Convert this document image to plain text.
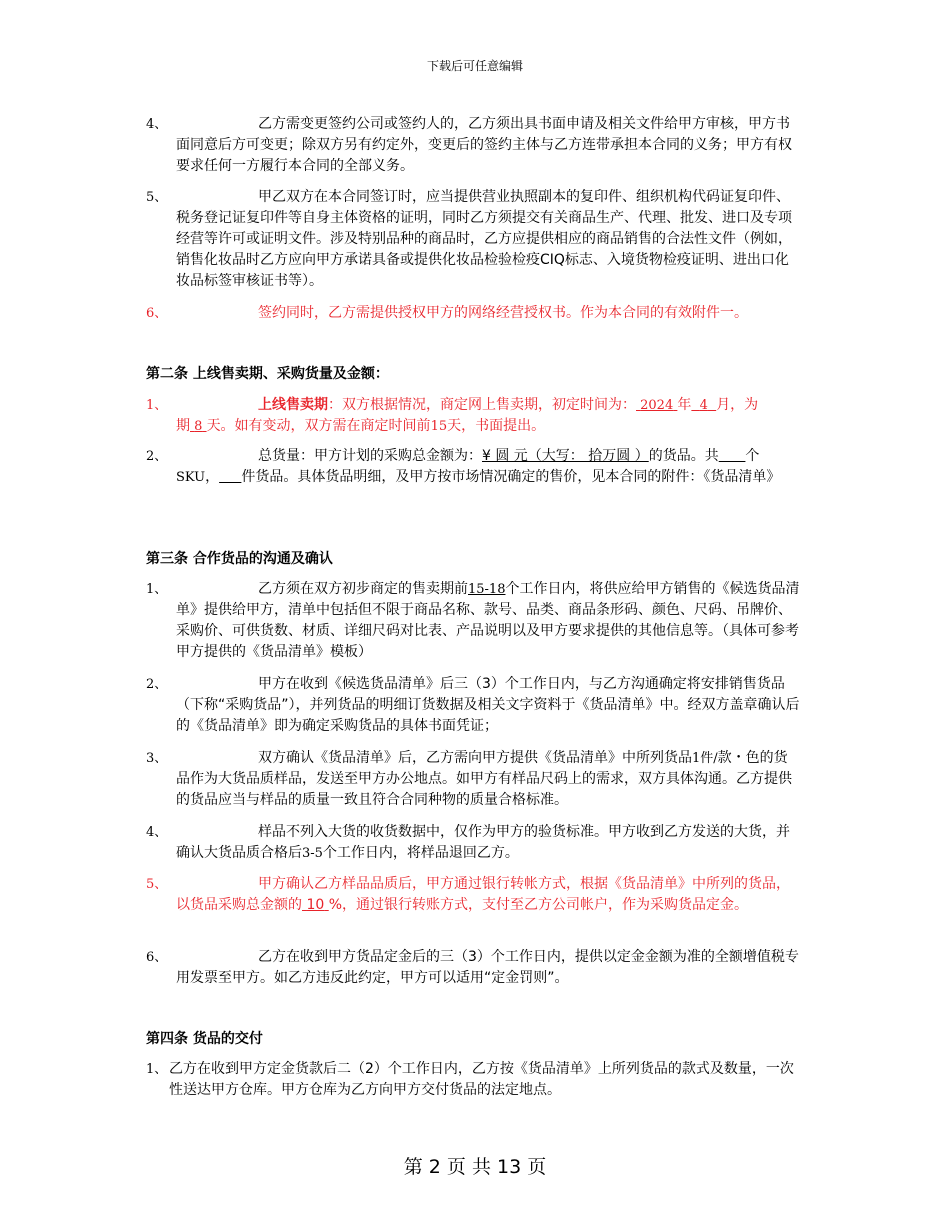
下载后可任意编辑
4、	乙方需变更签约公司或签约人的，乙方须出具书面申请及相关文件给甲方审核，甲方书面同意后方可变更；除双方另有约定外，变更后的签约主体与乙方连带承担本合同的义务；甲方有权要求任何一方履行本合同的全部义务。
5、	甲乙双方在本合同签订时，应当提供营业执照副本的复印件、组织机构代码证复印件、税务登记证复印件等自身主体资格的证明，同时乙方须提交有关商品生产、代理、批发、进口及专项经营等许可或证明文件。涉及特别品种的商品时，乙方应提供相应的商品销售的合法性文件（例如，销售化妆品时乙方应向甲方承诺具备或提供化妆品检验检疫CIQ标志、入境货物检疫证明、进出口化妆品标签审核证书等）。
6、	签约同时，乙方需提供授权甲方的网络经营授权书。作为本合同的有效附件一。
第二条 上线售卖期、采购货量及金额：
1、	上线售卖期：双方根据情况，商定网上售卖期，初定时间为： 2024 年 4 月，为期 8 天。如有变动，双方需在商定时间前15天，书面提出。
2、	总货量：甲方计划的采购总金额为：¥ 圆 元（大写： 拾万圆 ）的货品。共 个SKU， 件货品。具体货品明细，及甲方按市场情况确定的售价，见本合同的附件：《货品清单》
第三条 合作货品的沟通及确认
1、	乙方须在双方初步商定的售卖期前15-18个工作日内，将供应给甲方销售的《候选货品清单》提供给甲方，清单中包括但不限于商品名称、款号、品类、商品条形码、颜色、尺码、吊牌价、采购价、可供货数、材质、详细尺码对比表、产品说明以及甲方要求提供的其他信息等。（具体可参考甲方提供的《货品清单》模板）
2、	甲方在收到《候选货品清单》后三（3）个工作日内，与乙方沟通确定将安排销售货品（下称“采购货品”），并列货品的明细订货数据及相关文字资料于《货品清单》中。经双方盖章确认后的《货品清单》即为确定采购货品的具体书面凭证；
3、	双方确认《货品清单》后，乙方需向甲方提供《货品清单》中所列货品1件/款・色的货品作为大货品质样品，发送至甲方办公地点。如甲方有样品尺码上的需求，双方具体沟通。乙方提供的货品应当与样品的质量一致且符合合同种物的质量合格标准。
4、	样品不列入大货的收货数据中，仅作为甲方的验货标准。甲方收到乙方发送的大货，并确认大货品质合格后3-5个工作日内，将样品退回乙方。
5、	甲方确认乙方样品品质后，甲方通过银行转帐方式，根据《货品清单》中所列的货品，以货品采购总金额的 10 %，通过银行转账方式，支付至乙方公司帐户，作为采购货品定金。
6、	乙方在收到甲方货品定金后的三（3）个工作日内，提供以定金金额为准的全额增值税专用发票至甲方。如乙方违反此约定，甲方可以适用“定金罚则”。
第四条 货品的交付
1、 乙方在收到甲方定金货款后二（2）个工作日内，乙方按《货品清单》上所列货品的款式及数量，一次性送达甲方仓库。甲方仓库为乙方向甲方交付货品的法定地点。
第 2 页 共 13 页
